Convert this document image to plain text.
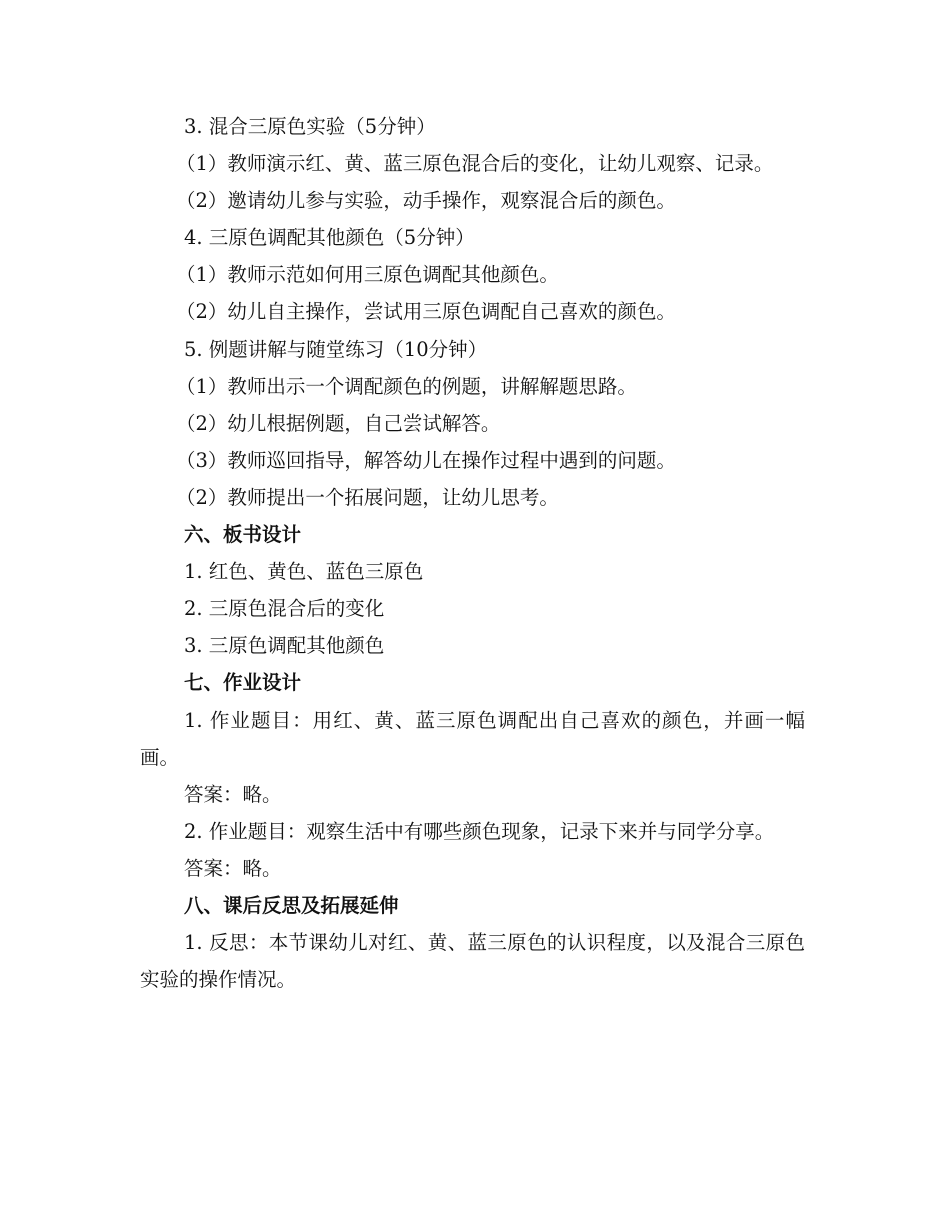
3. 混合三原色实验（5分钟）
（1）教师演示红、黄、蓝三原色混合后的变化，让幼儿观察、记录。
（2）邀请幼儿参与实验，动手操作，观察混合后的颜色。
4. 三原色调配其他颜色（5分钟）
（1）教师示范如何用三原色调配其他颜色。
（2）幼儿自主操作，尝试用三原色调配自己喜欢的颜色。
5. 例题讲解与随堂练习（10分钟）
（1）教师出示一个调配颜色的例题，讲解解题思路。
（2）幼儿根据例题，自己尝试解答。
（3）教师巡回指导，解答幼儿在操作过程中遇到的问题。
（2）教师提出一个拓展问题，让幼儿思考。
六、板书设计
1. 红色、黄色、蓝色三原色
2. 三原色混合后的变化
3. 三原色调配其他颜色
七、作业设计
1. 作业题目：用红、黄、蓝三原色调配出自己喜欢的颜色，并画一幅画。
答案：略。
2. 作业题目：观察生活中有哪些颜色现象，记录下来并与同学分享。
答案：略。
八、课后反思及拓展延伸
1. 反思：本节课幼儿对红、黄、蓝三原色的认识程度，以及混合三原色实验的操作情况。
